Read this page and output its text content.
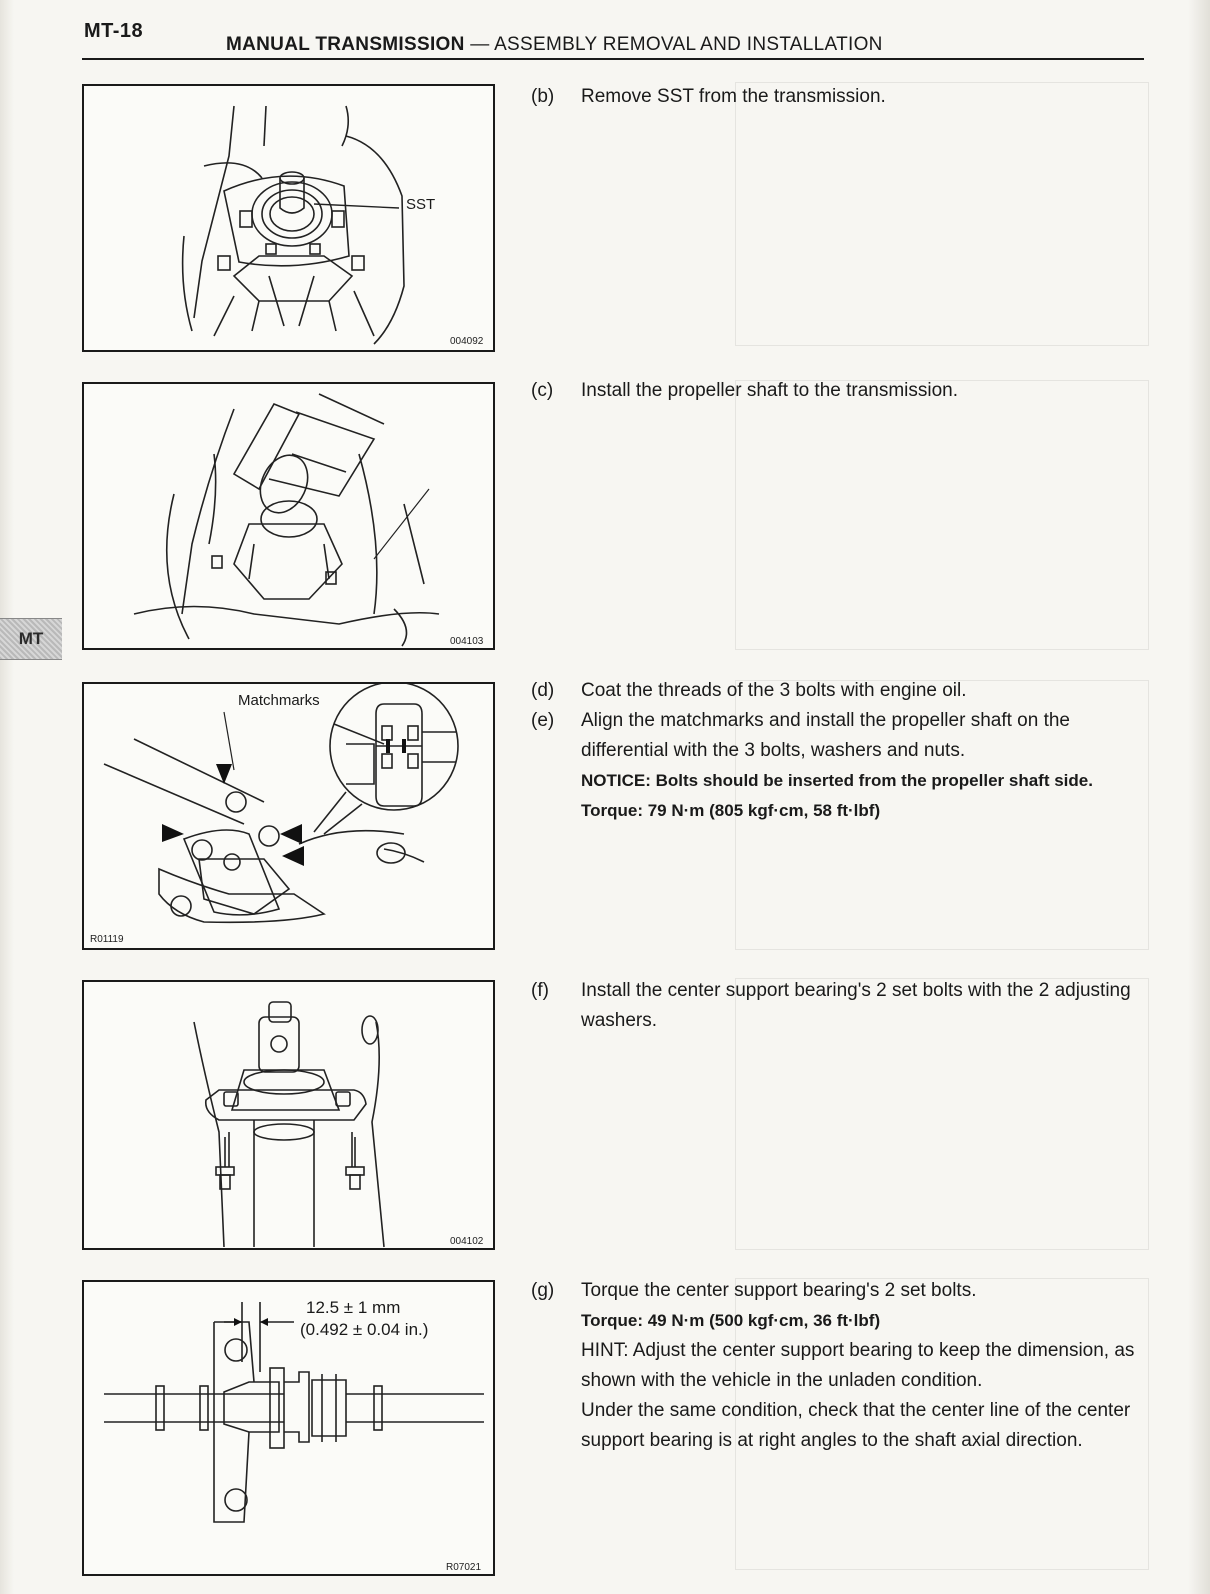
MT-18
MANUAL TRANSMISSION — ASSEMBLY REMOVAL AND INSTALLATION
MT
SST
004092
004103
Matchmarks
R01119
004102
12.5 ± 1 mm
(0.492 ± 0.04 in.)
R07021
(b)	Remove SST from the transmission.
(c)	Install the propeller shaft to the transmission.
(d)	Coat the threads of the 3 bolts with engine oil.
(e)	Align the matchmarks and install the propeller shaft on the differential with the 3 bolts, washers and nuts.
NOTICE: Bolts should be inserted from the propeller shaft side.
Torque: 79 N·m (805 kgf·cm, 58 ft·lbf)
(f)	Install the center support bearing's 2 set bolts with the 2 adjusting washers.
(g)	Torque the center support bearing's 2 set bolts.
Torque: 49 N·m (500 kgf·cm, 36 ft·lbf)
HINT: Adjust the center support bearing to keep the dimension, as shown with the vehicle in the unladen condition.
Under the same condition, check that the center line of the center support bearing is at right angles to the shaft axial direction.
